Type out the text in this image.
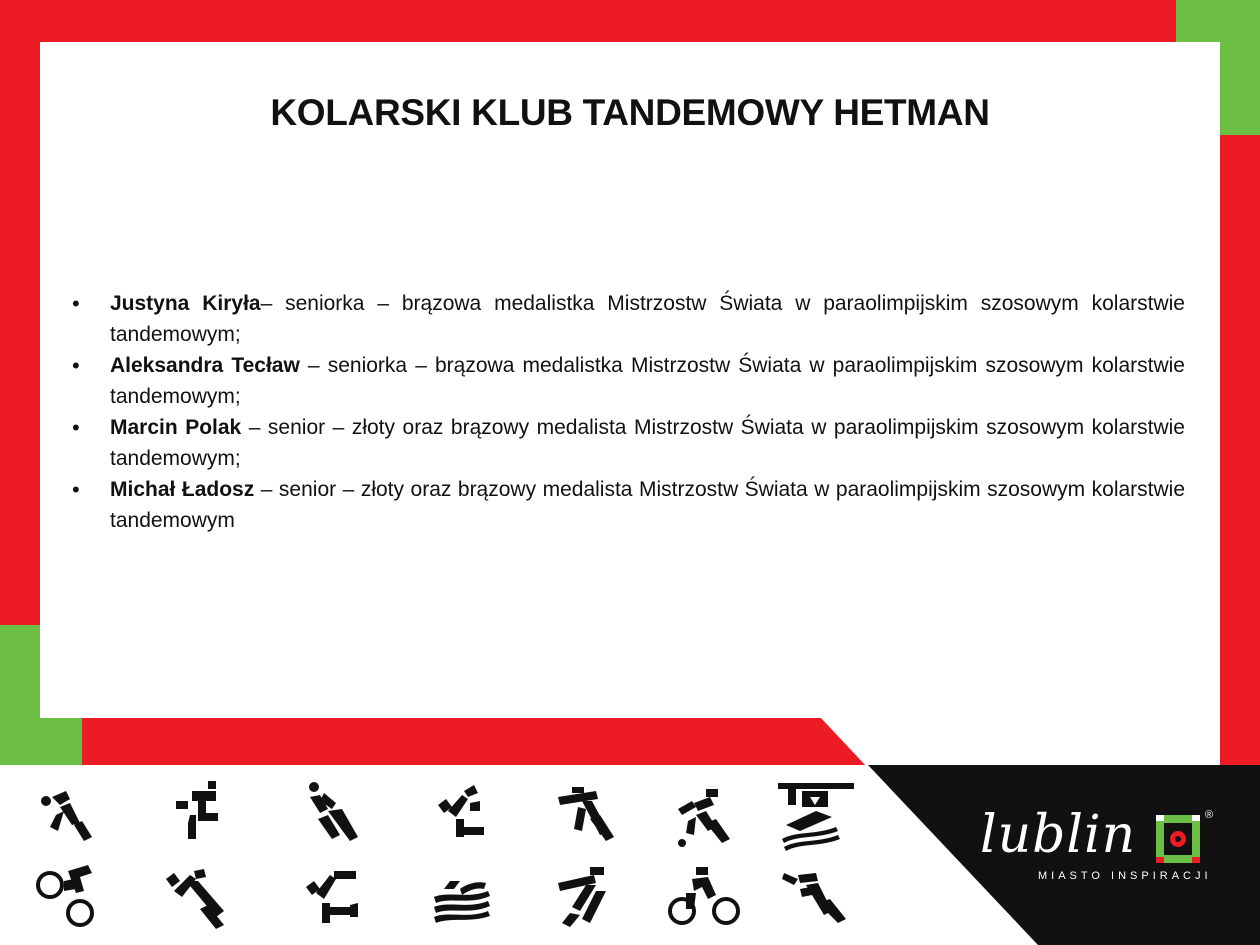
KOLARSKI KLUB TANDEMOWY HETMAN
• Justyna Kiryła– seniorka – brązowa medalistka Mistrzostw Świata w paraolimpijskim szosowym kolarstwie tandemowym;
• Aleksandra Tecław – seniorka – brązowa medalistka Mistrzostw Świata w paraolimpijskim szosowym kolarstwie tandemowym;
• Marcin Polak – senior – złoty oraz brązowy medalista Mistrzostw Świata w paraolimpijskim szosowym kolarstwie tandemowym;
• Michał Ładosz – senior – złoty oraz brązowy medalista Mistrzostw Świata w paraolimpijskim szosowym kolarstwie tandemowym
lublin	®
MIASTO INSPIRACJI
